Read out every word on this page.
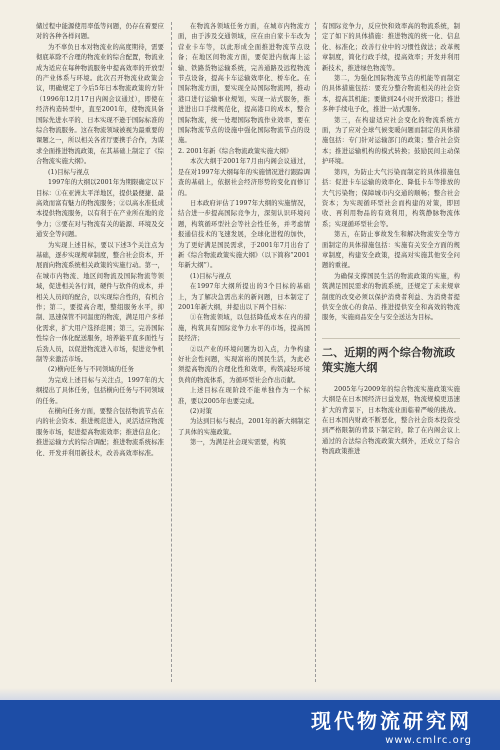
储过程中能源使用率低等问题，仍存在着要应对的各种各样问题。

为不辜负日本对物流业的高度期待，需要彻底革除不合理的物流业的综合配置，物流业成为适应在每种物流服务中提高效率的开放型的产业体系与环境。此次召开物流业政策会议，明确规定了今后5年日本物流政策的方针（1996年12月17日内阁会议通过），即使在经济构造转型中，直至2001年，使物流具备国际先进水平的、日本实现不逊于国际标准的综合物流服务。这在物流领域被视为最重要的课题之一，所以相关各省厅要携手合作，为谋求全面推进物流政策，在其基础上制定了《综合物流实施大纲》。

(1)目标与视点

1997年的大纲以2001年为期限确定以下目标：①在亚洲太平洋地区，提供最便捷、最高效而富有魅力的物流服务；②以高水准低成本提供物流服务，以有利于在产业所在地的竞争力；③要在对与物流有关的能源、环境及交通安全等问题。

为实现上述目标，要以下述3个关注点为基础，逐步实现规章制度，整合社会资本，开展面向物流系统相关政策的实施行动。第一，在城市内物流、地区间物流及国际物流等领域，促进相关各行间，硬件与软件的成本，并相关人员间的配合，以实现综合性的，有机合作；第二，要提高合理，整组服务水平，抑制、迅速保管不同温度的物流，满足用户多样化需求，扩大用户选择范围；第三，完善国际性综合一体化配送服务，培养能平直多面性与后劲人员，以促进物流进入市场，促进竞争机制等来激活市场。

(2)横向任务与不同领域的任务

为完成上述目标与关注点，1997年的大纲提出了具体任务，包括横向任务与不同领域的任务。

在横向任务方面，要整合包括物流节点在内的社会资本、推进规范进入，灵活适应物流服务市场，促进提高物流效率；推进信息化；推进运输方式的综合调配；推进物流系统标准化、开发并利用新技术，改善高效率标准。

在物流各领域任务方面，在城市内物流方面，由于涉及交通领域，应在由自家卡车改为营业卡车等，以此形成全面推进物流节点设备；在地区间物流方面，要促进内航海上运输、铁路货物运输系统，完善通路及远程物流节点设备，提高卡车运输效率化、桥车化。在国际物流方面，要实现全局国际物流网，推动港口进行运输事业规划，实现一站式服务，推进进出口手续规范化，提高港口的成本，整合国际物流，统一处理国际物流作业效率，要在国际物流节点的设施中强化国际物流节点的设施。

2. 2001年新《综合物流政策实施大纲》

本次大纲于2001年7月由内阁会议通过，是在对1997年大纲每年的实施情况进行跟踪调查的基础上，依据社会经济形势的变化而修订的。

日本政府评估了1997年大纲的实施情况，结合进一步提高国际竞争力，深刻认识环境问题，构筑循环型社会等社会性任务，并考虑情报通信技术的飞速发展，全球化进程的加快，为了更好满足国民需求，于2001年7月出台了新《综合物流政策实施大纲》（以下简称“2001年新大纲”）。

(1)目标与视点

在1997年大纲所提出的3个目标的基础上，为了解决急需出来的新问题，日本制定了2001年新大纲，并提出以下两个目标：

①在物流领域，以包括降低成本在内的措施，构筑具有国际竞争力水平的市场，提高国民经济；

②以产业的环境问题为切入点，力争构建好社会性问题，实现富裕的国民生活，为此必须提高物流的合理化性和效率，构筑减轻环境负荷的物流体系，为循环型社会作出贡献。

上述目标在现阶段不能单独作为一个标准，要以2005年也要完成。

(2)对策

为达到目标与视点，2001年的新大纲制定了具体的实施政策。

第一，为满足社会现实需要，构筑

有国际竞争力，反应快和效率高的物流系统，制定了如下的具体措施：推进物流的统一化、信息化、标准化；改善行业中的习惯性做法；改革规章制度，简化行政手续，提高效率；开发并利用新技术，推进绿色物流等。

第二，为强化国际物流节点的机能等而制定的具体措施包括：要充分整合物流相关的社会资本，提高其机能；要做到24小时开放港口；推进多种手续电子化，推进一站式服务。

第三，在构建适应社会变化的物流系统方面，为了应对全球气候变暖问题而制定的具体措施包括：专门针对运输部门的政策；整合社会资本；推进运输机构的模式转换；鼓励民间主动保护环境。

第四，为防止大气污染而制定的具体措施包括：促进卡车运输的效率化、降低卡车等排放的大气污染物；保障城市内交通的顺畅；整合社会资本；为实现循环型社会而构建的对策，即回收、再利用物品的有效利用，构筑静脉物流体系；实现循环型社会等。

第五，在防止事故发生和解决物流安全等方面制定的具体措施包括：实施有关安全方面的规章制度，构建安全政策，提高对实施其他安全问题的重视。

为确保支撑国民生活的物流政策的实施，构筑满足国民需求的物流系统，还规定了未来规章制度的改变必须以保护消费者利益、为消费者提供安全放心的食品、推进提供安全和高效的物流服务，实施商品安全与安全送达为目标。

二、近期的两个综合物流政策实施大纲

2005年与2009年的综合物流实施政策实施大纲是在日本国经济日益发展，物流规模更迅速扩大的背景下，日本物流业面临着严峻的挑战。在日本国内财政不断恶化，整合社会资本投资受到严格限制的背景下制定的，除了在内阁会议上通过的合法综合物流政策大纲外，还成立了综合物流政策推进

现代物流研究网
www.cmlrc.org
